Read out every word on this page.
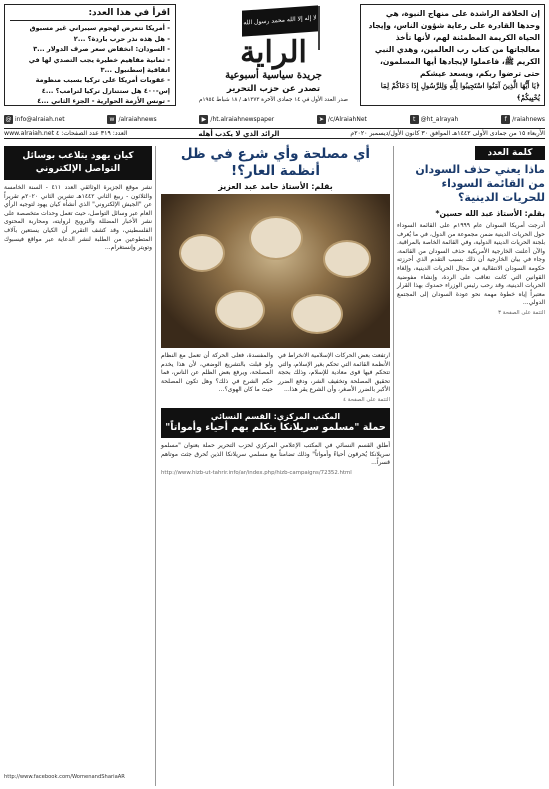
إن الخلافة الراشدة على منهاج النبوة، هي وحدها القادرة على رعاية شؤون الناس، وإيجاد الحياة الكريمة المطمئنة لهم، لأنها تأخذ معالجاتها من كتاب رب العالمين، وهدي النبي الكريم ﷺ، فاعملوا لإيجادها أيها المسلمون، حتى ترضوا ربكم، ويسعد عيشكم
﴿يَا أَيُّهَا الَّذِينَ آمَنُوا اسْتَجِيبُوا لِلَّهِ وَلِلرَّسُولِ إِذَا دَعَاكُمْ لِمَا يُحْيِيكُمْ﴾
لا إله إلا الله محمد رسول الله
الراية
جريدة سياسية أسبوعية
تصدر عن حزب التحرير
صدر العدد الأول في ١٤ جمادى الآخرة ١٣٧٣هـ / ١٨ شباط ١٩٥٤م
اقرأ في هذا العدد:
- أمريكا تتعرض لهجوم سيبراني غير مسبوق
- هل هذه نذر حرب باردة؟ ...٢
- السودان: انخفاض سعر صرف الدولار ...٣
- ثمانية مفاهيم خطيرة يجب التصدي لها في اتفاقية إسطنبول ...٣
- عقوبات أمريكا على تركيا بسبب منظومة إس-٤٠٠ هل ستتنازل تركيا لترامب؟ ...٤
- تونس الأزمة الحوارية - الجزء الثاني ...٤
@ info@alraiah.net	w /alraiahnews	▶ /ht.alraiahnewspaper	➤ /c/AlraiahNet	t @ht_alrayah	f /raiahnews
الأربعاء ١٥ من جمادى الأولى ١٤٤٢هـ الموافق ٣٠ كانون الأول/ديسمبر ٢٠٢٠م
الرائد الذي لا يكذب أهله
العدد: ٣١٩ عدد الصفحات: ٤ www.alraiah.net
كلمة العدد
ماذا يعني حذف السودان من القائمة السوداء للحريات الدينية؟
بقلم: الأستاذ عبد الله حسين*
أدرجت أمريكا السودان عام ١٩٩٩م على القائمة السوداء حول الحريات الدينية ضمن مجموعة من الدول، في ما يُعرف بلجنة الحريات الدينية الدولية، وفي القائمة الخاصة بالمراقبة. والآن أعلنت الخارجية الأمريكية حذف السودان من القائمة، وجاء في بيان الخارجية أن ذلك بسبب التقدم الذي أحرزته حكومة السودان الانتقالية في مجال الحريات الدينية، وإلغاء القوانين التي كانت تعاقب على الردة، وإنشاء مفوضية الحريات الدينية، وقد رحب رئيس الوزراء حمدوك بهذا القرار معتبراً إياه خطوة مهمة نحو عودة السودان إلى المجتمع الدولي...
التتمة على الصفحة ٣
أي مصلحة وأي شرع في ظل أنظمة العار؟!
بقلم: الأستاذ حامد عبد العزيز
ارتفعت بعض الحركات الإسلامية الانخراط في الأنظمة القائمة التي تحكم بغير الإسلام، والتي تتحكم فيها قوى معادية للإسلام، وذلك بحجة تحقيق المصلحة وتخفيف الشر، ودفع الضرر الأكبر بالضرر الأصغر، وأن الشرع يقر هذا...
والمفسدة، فعلى الحركة أن تعمل مع النظام ولو قبلت بالتشريع الوضعي، لأن هذا يخدم المصلحة، ويرفع بعض الظلم عن الناس، فما حكم الشرع في ذلك؟ وهل تكون المصلحة حيث ما كان الهوى؟...
التتمة على الصفحة ٤
المكتب المركزي: القسم النسائي
حملة "مسلمو سريلانكا يتكلم بهم أحياء وأمواتاً"
أطلق القسم النسائي في المكتب الإعلامي المركزي لحزب التحرير حملة بعنوان "مسلمو سريلانكا يُحرقون أحياءً وأمواتاً" وذلك تضامناً مع مسلمي سريلانكا الذين تُحرق جثث موتاهم قسراً...
http://www.hizb-ut-tahrir.info/ar/index.php/hizb-campaigns/72352.html
كيان يهود يتلاعب بوسائل التواصل الإلكتروني
نشر موقع الجزيرة الوثائقي العدد ٤١١ - السنة الخامسة والثلاثون - ربيع الثاني ١٤٤٢هـ تشرين الثاني ٢٠٢٠م تقريراً عن "الجيش الإلكتروني" الذي أنشأه كيان يهود لتوجيه الرأي العام عبر وسائل التواصل، حيث تعمل وحدات متخصصة على نشر الأخبار المضللة والترويج لروايته، ومحاربة المحتوى الفلسطيني، وقد كشف التقرير أن الكيان يستعين بآلاف المتطوعين من الطلبة لنشر الدعاية عبر مواقع فيسبوك وتويتر وإنستغرام...
http://www.facebook.com/WomenandShariaAR
